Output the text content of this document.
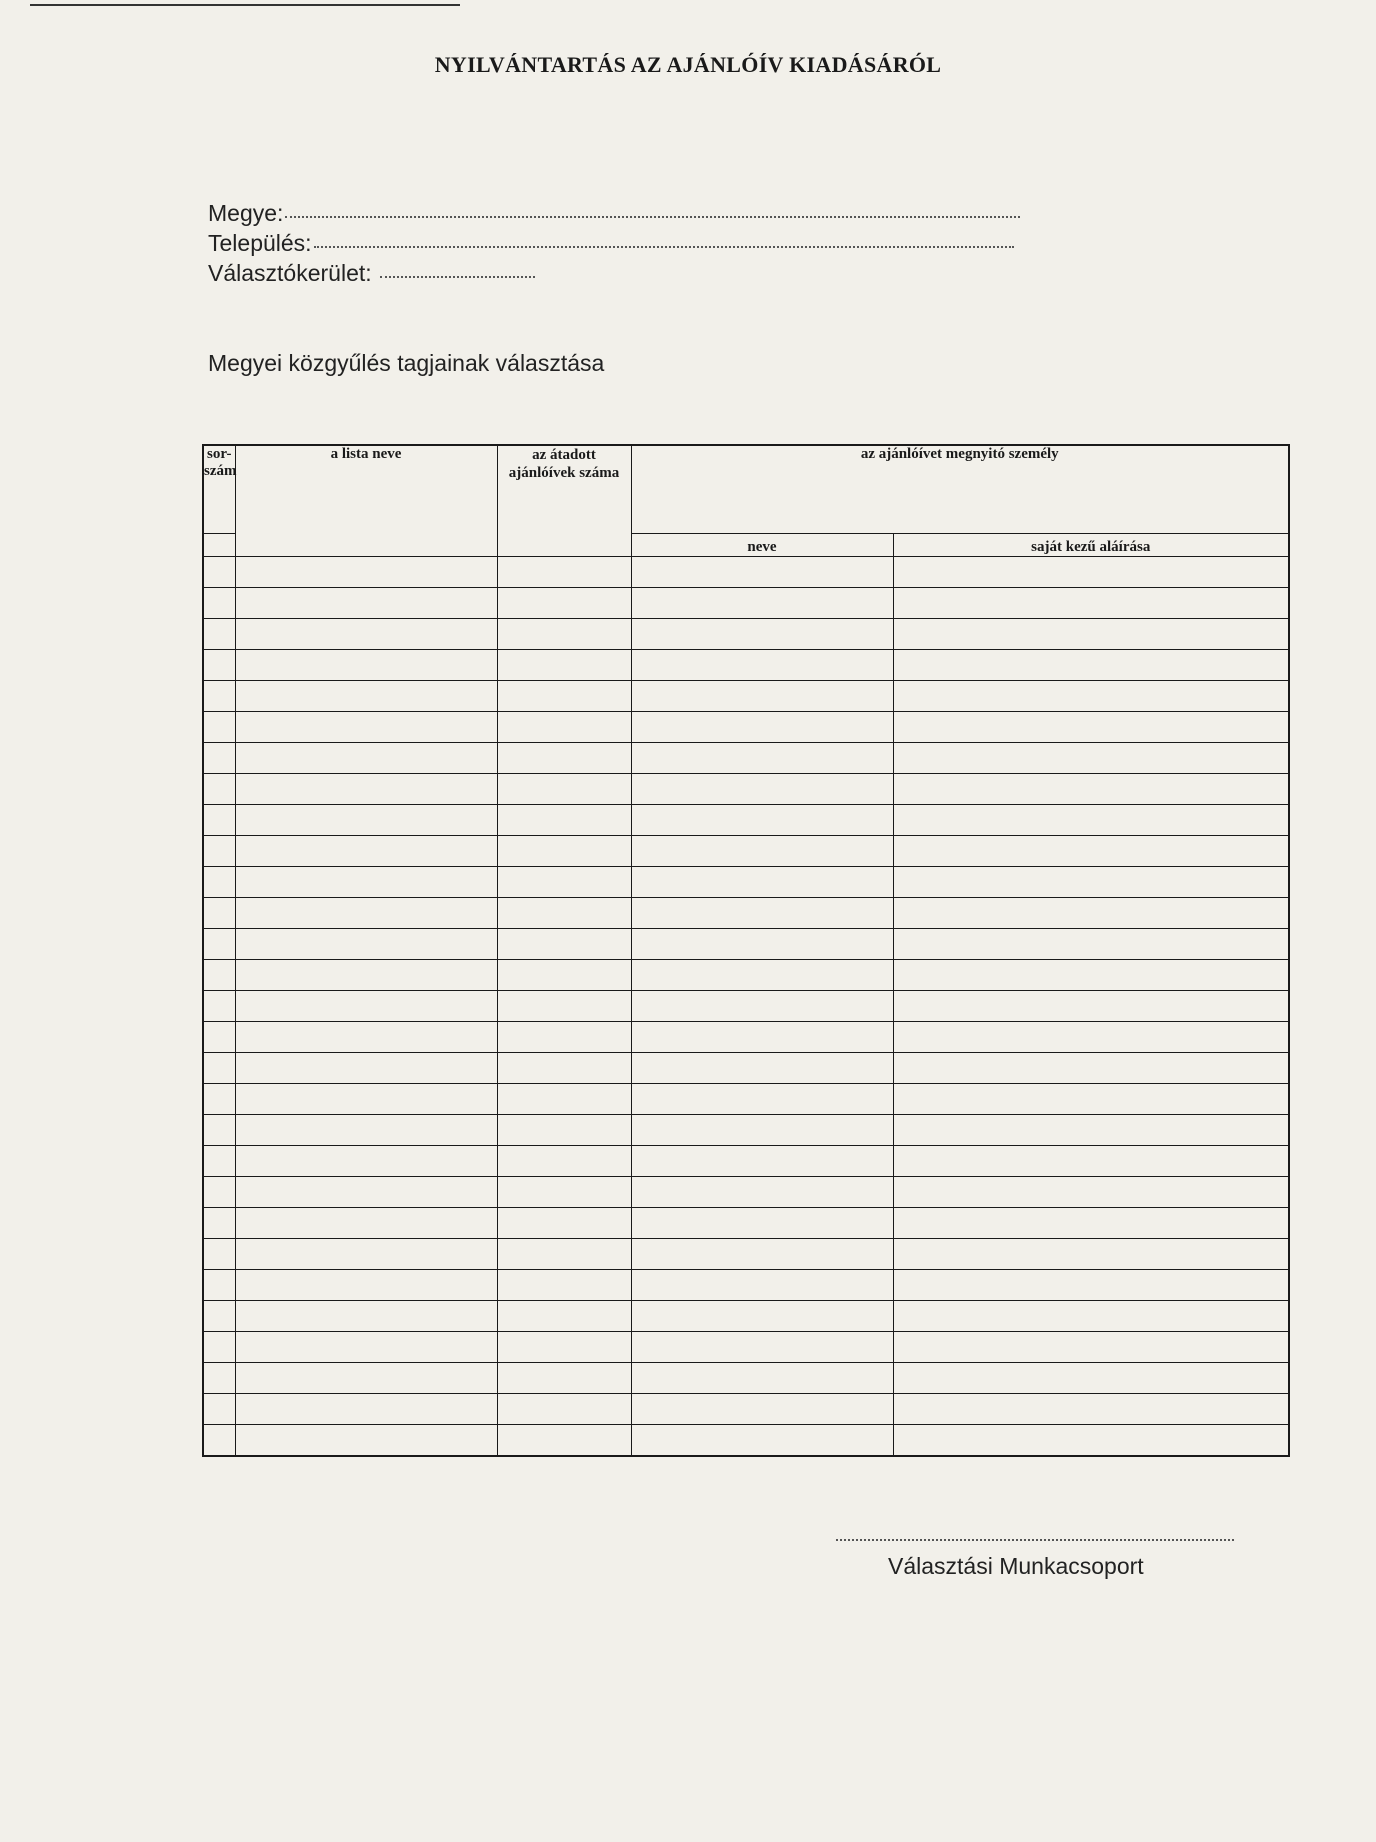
NYILVÁNTARTÁS AZ AJÁNLÓÍV KIADÁSÁRÓL
Megye:
Település:
Választókerület:
Megyei közgyűlés tagjainak választása
sor-szám	a lista neve	az átadott ajánlóívek száma	az ajánlóívet megnyitó személy	
			neve	saját kezű aláírása

Választási Munkacsoport
